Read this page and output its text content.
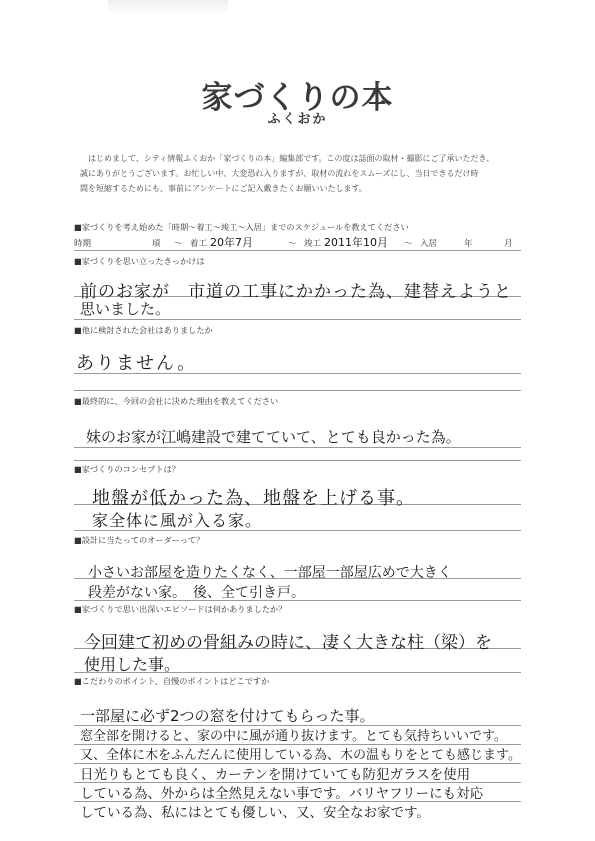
家づくりの本
ふくおか
はじめまして、シティ情報ふくおか「家づくりの本」編集部です。この度は誌面の取材・撮影にご了承いただき、
誠にありがとうございます。お忙しい中、大変恐れ入りますが、取材の流れをスムーズにし、当日できるだけ時
間を短縮するためにも、事前にアンケートにご記入戴きたくお願いいたします。
■家づくりを考え始めた「時期～着工～竣工～入居」までのスケジュールを教えてください
時期	頃 ～ 着工 20年7月	～ 竣工 2011年10月 ～ 入居	年	月
■家づくりを思い立ったきっかけは
前のお家が　市道の工事にかかった為、建替えようと
思いました。
■他に検討された会社はありましたか
ありません。
■最終的に、今回の会社に決めた理由を教えてください
妹のお家が江嶋建設で建てていて、とても良かった為。
■家づくりのコンセプトは？
地盤が低かった為、地盤を上げる事。
家全体に風が入る家。
■設計に当たってのオーダーって？
小さいお部屋を造りたくなく、一部屋一部屋広めで大きく
段差がない家。　後、全て引き戸。
■家づくりで思い出深いエピソードは何かありましたか？
今回建て初めの骨組みの時に、凄く大きな柱（梁）を
使用した事。
■こだわりのポイント、自慢のポイントはどこですか
一部屋に必ず2つの窓を付けてもらった事。
窓全部を開けると、家の中に風が通り抜けます。とても気持ちいいです。
又、全体に木をふんだんに使用している為、木の温もりをとても感じます。
日光りもとても良く、カーテンを開けていても防犯ガラスを使用
している為、外からは全然見えない事です。バリヤフリーにも対応
している為、私にはとても優しい、又、安全なお家です。
